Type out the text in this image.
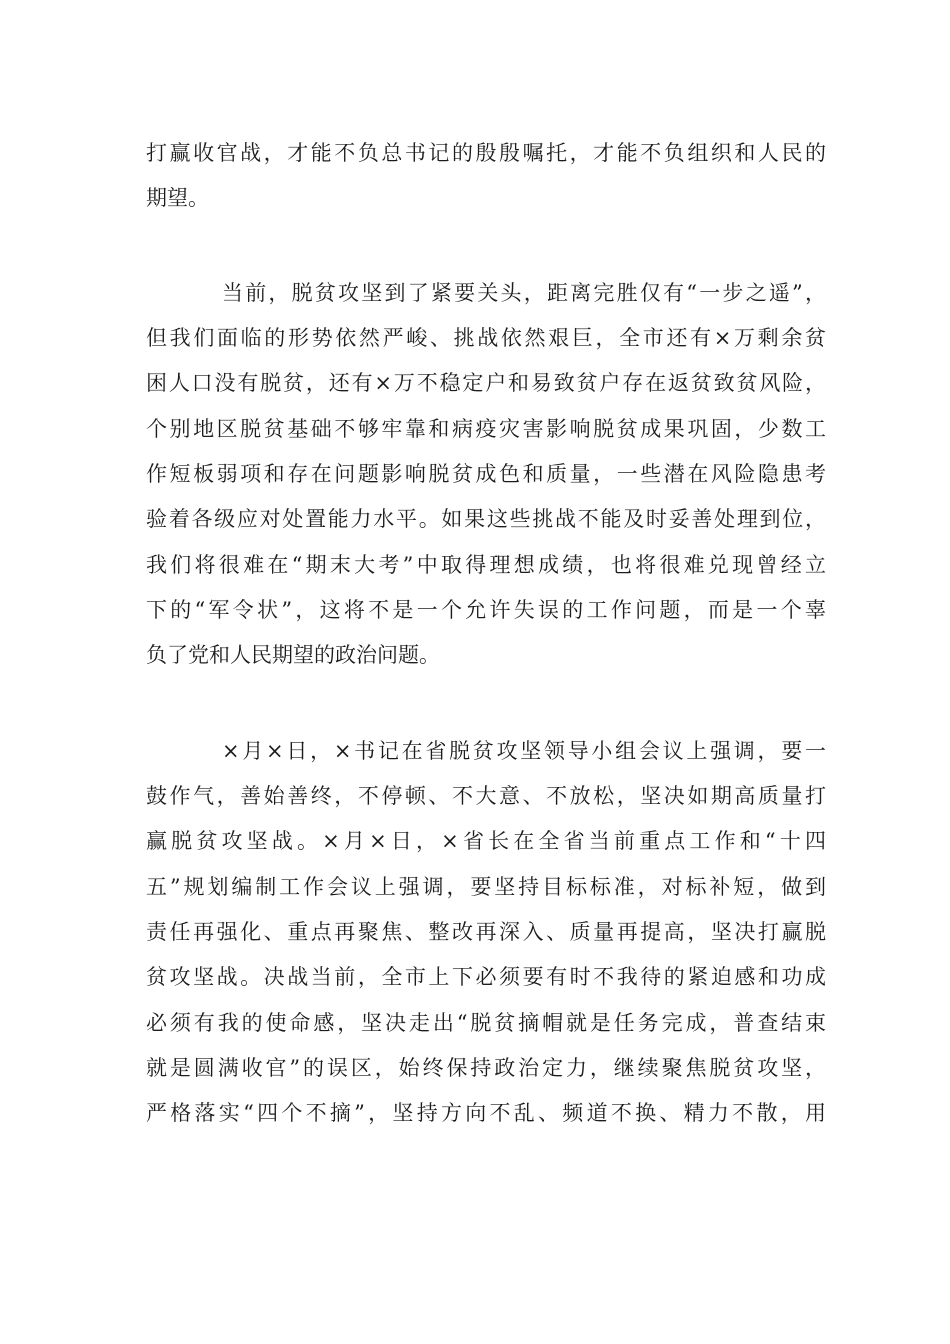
打赢收官战，才能不负总书记的殷殷嘱托，才能不负组织和人民的
期望。
当前，脱贫攻坚到了紧要关头，距离完胜仅有“一步之遥”，
但我们面临的形势依然严峻、挑战依然艰巨，全市还有×万剩余贫
困人口没有脱贫，还有×万不稳定户和易致贫户存在返贫致贫风险，
个别地区脱贫基础不够牢靠和病疫灾害影响脱贫成果巩固，少数工
作短板弱项和存在问题影响脱贫成色和质量，一些潜在风险隐患考
验着各级应对处置能力水平。如果这些挑战不能及时妥善处理到位，
我们将很难在“期末大考”中取得理想成绩，也将很难兑现曾经立
下的“军令状”，这将不是一个允许失误的工作问题，而是一个辜
负了党和人民期望的政治问题。
×月×日，×书记在省脱贫攻坚领导小组会议上强调，要一
鼓作气，善始善终，不停顿、不大意、不放松，坚决如期高质量打
赢脱贫攻坚战。×月×日，×省长在全省当前重点工作和“十四
五”规划编制工作会议上强调，要坚持目标标准，对标补短，做到
责任再强化、重点再聚焦、整改再深入、质量再提高，坚决打赢脱
贫攻坚战。决战当前，全市上下必须要有时不我待的紧迫感和功成
必须有我的使命感，坚决走出“脱贫摘帽就是任务完成，普查结束
就是圆满收官”的误区，始终保持政治定力，继续聚焦脱贫攻坚，
严格落实“四个不摘”，坚持方向不乱、频道不换、精力不散，用
